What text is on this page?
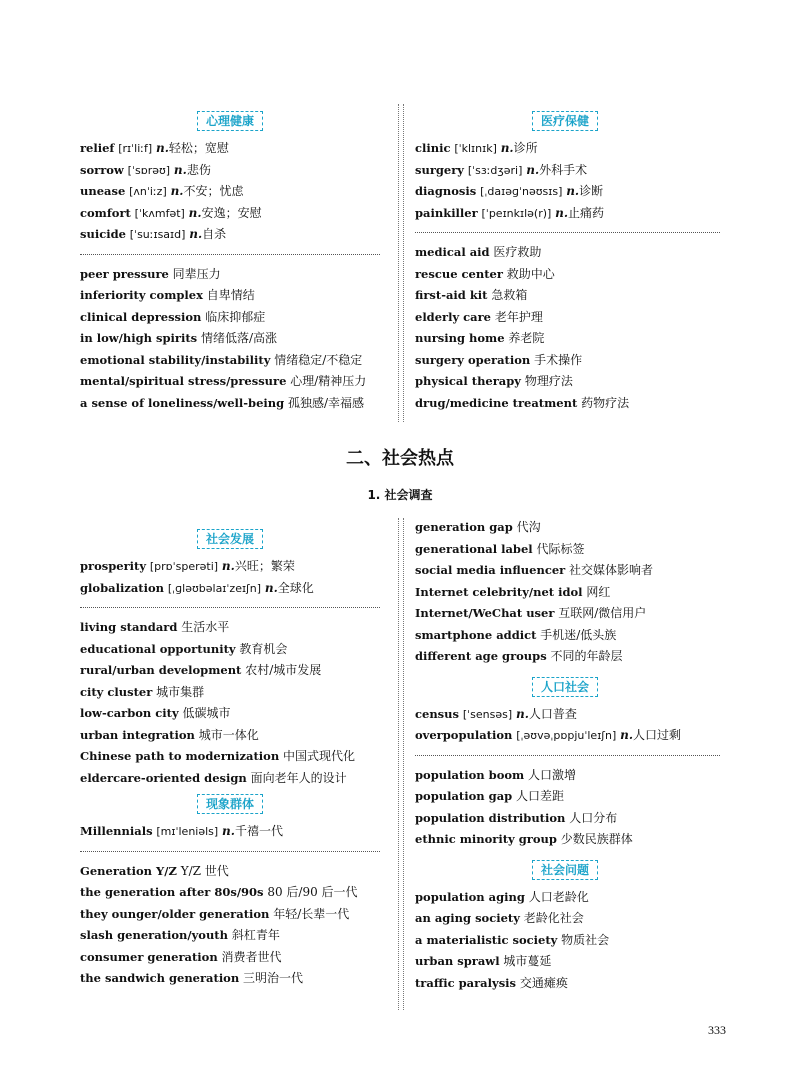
心理健康
relief [rɪˈliːf] n.轻松；宽慰
sorrow [ˈsɒrəʊ] n.悲伤
unease [ʌnˈiːz] n.不安；忧虑
comfort [ˈkʌmfət] n.安逸；安慰
suicide [ˈsuːɪsaɪd] n.自杀
peer pressure 同辈压力
inferiority complex 自卑情结
clinical depression 临床抑郁症
in low/high spirits 情绪低落/高涨
emotional stability/instability 情绪稳定/不稳定
mental/spiritual stress/pressure 心理/精神压力
a sense of loneliness/well-being 孤独感/幸福感
医疗保健
clinic [ˈklɪnɪk] n.诊所
surgery [ˈsɜːdʒəri] n.外科手术
diagnosis [ˌdaɪəɡˈnəʊsɪs] n.诊断
painkiller [ˈpeɪnkɪlə(r)] n.止痛药
medical aid 医疗救助
rescue center 救助中心
first-aid kit 急救箱
elderly care 老年护理
nursing home 养老院
surgery operation 手术操作
physical therapy 物理疗法
drug/medicine treatment 药物疗法
二、社会热点
1. 社会调查
社会发展
prosperity [prɒˈsperəti] n.兴旺；繁荣
globalization [ˌɡləʊbəlaɪˈzeɪʃn] n.全球化
living standard 生活水平
educational opportunity 教育机会
rural/urban development 农村/城市发展
city cluster 城市集群
low-carbon city 低碳城市
urban integration 城市一体化
Chinese path to modernization 中国式现代化
eldercare-oriented design 面向老年人的设计
现象群体
Millennials [mɪˈleniəls] n.千禧一代
Generation Y/Z Y/Z 世代
the generation after 80s/90s 80 后/90 后一代
they ounger/older generation 年轻/长辈一代
slash generation/youth 斜杠青年
consumer generation 消费者世代
the sandwich generation 三明治一代
generation gap 代沟
generational label 代际标签
social media influencer 社交媒体影响者
Internet celebrity/net idol 网红
Internet/WeChat user 互联网/微信用户
smartphone addict 手机迷/低头族
different age groups 不同的年龄层
人口社会
census [ˈsensəs] n.人口普查
overpopulation [ˌəʊvəˌpɒpjuˈleɪʃn] n.人口过剩
population boom 人口激增
population gap 人口差距
population distribution 人口分布
ethnic minority group 少数民族群体
社会问题
population aging 人口老龄化
an aging society 老龄化社会
a materialistic society 物质社会
urban sprawl 城市蔓延
traffic paralysis 交通瘫痪
333
